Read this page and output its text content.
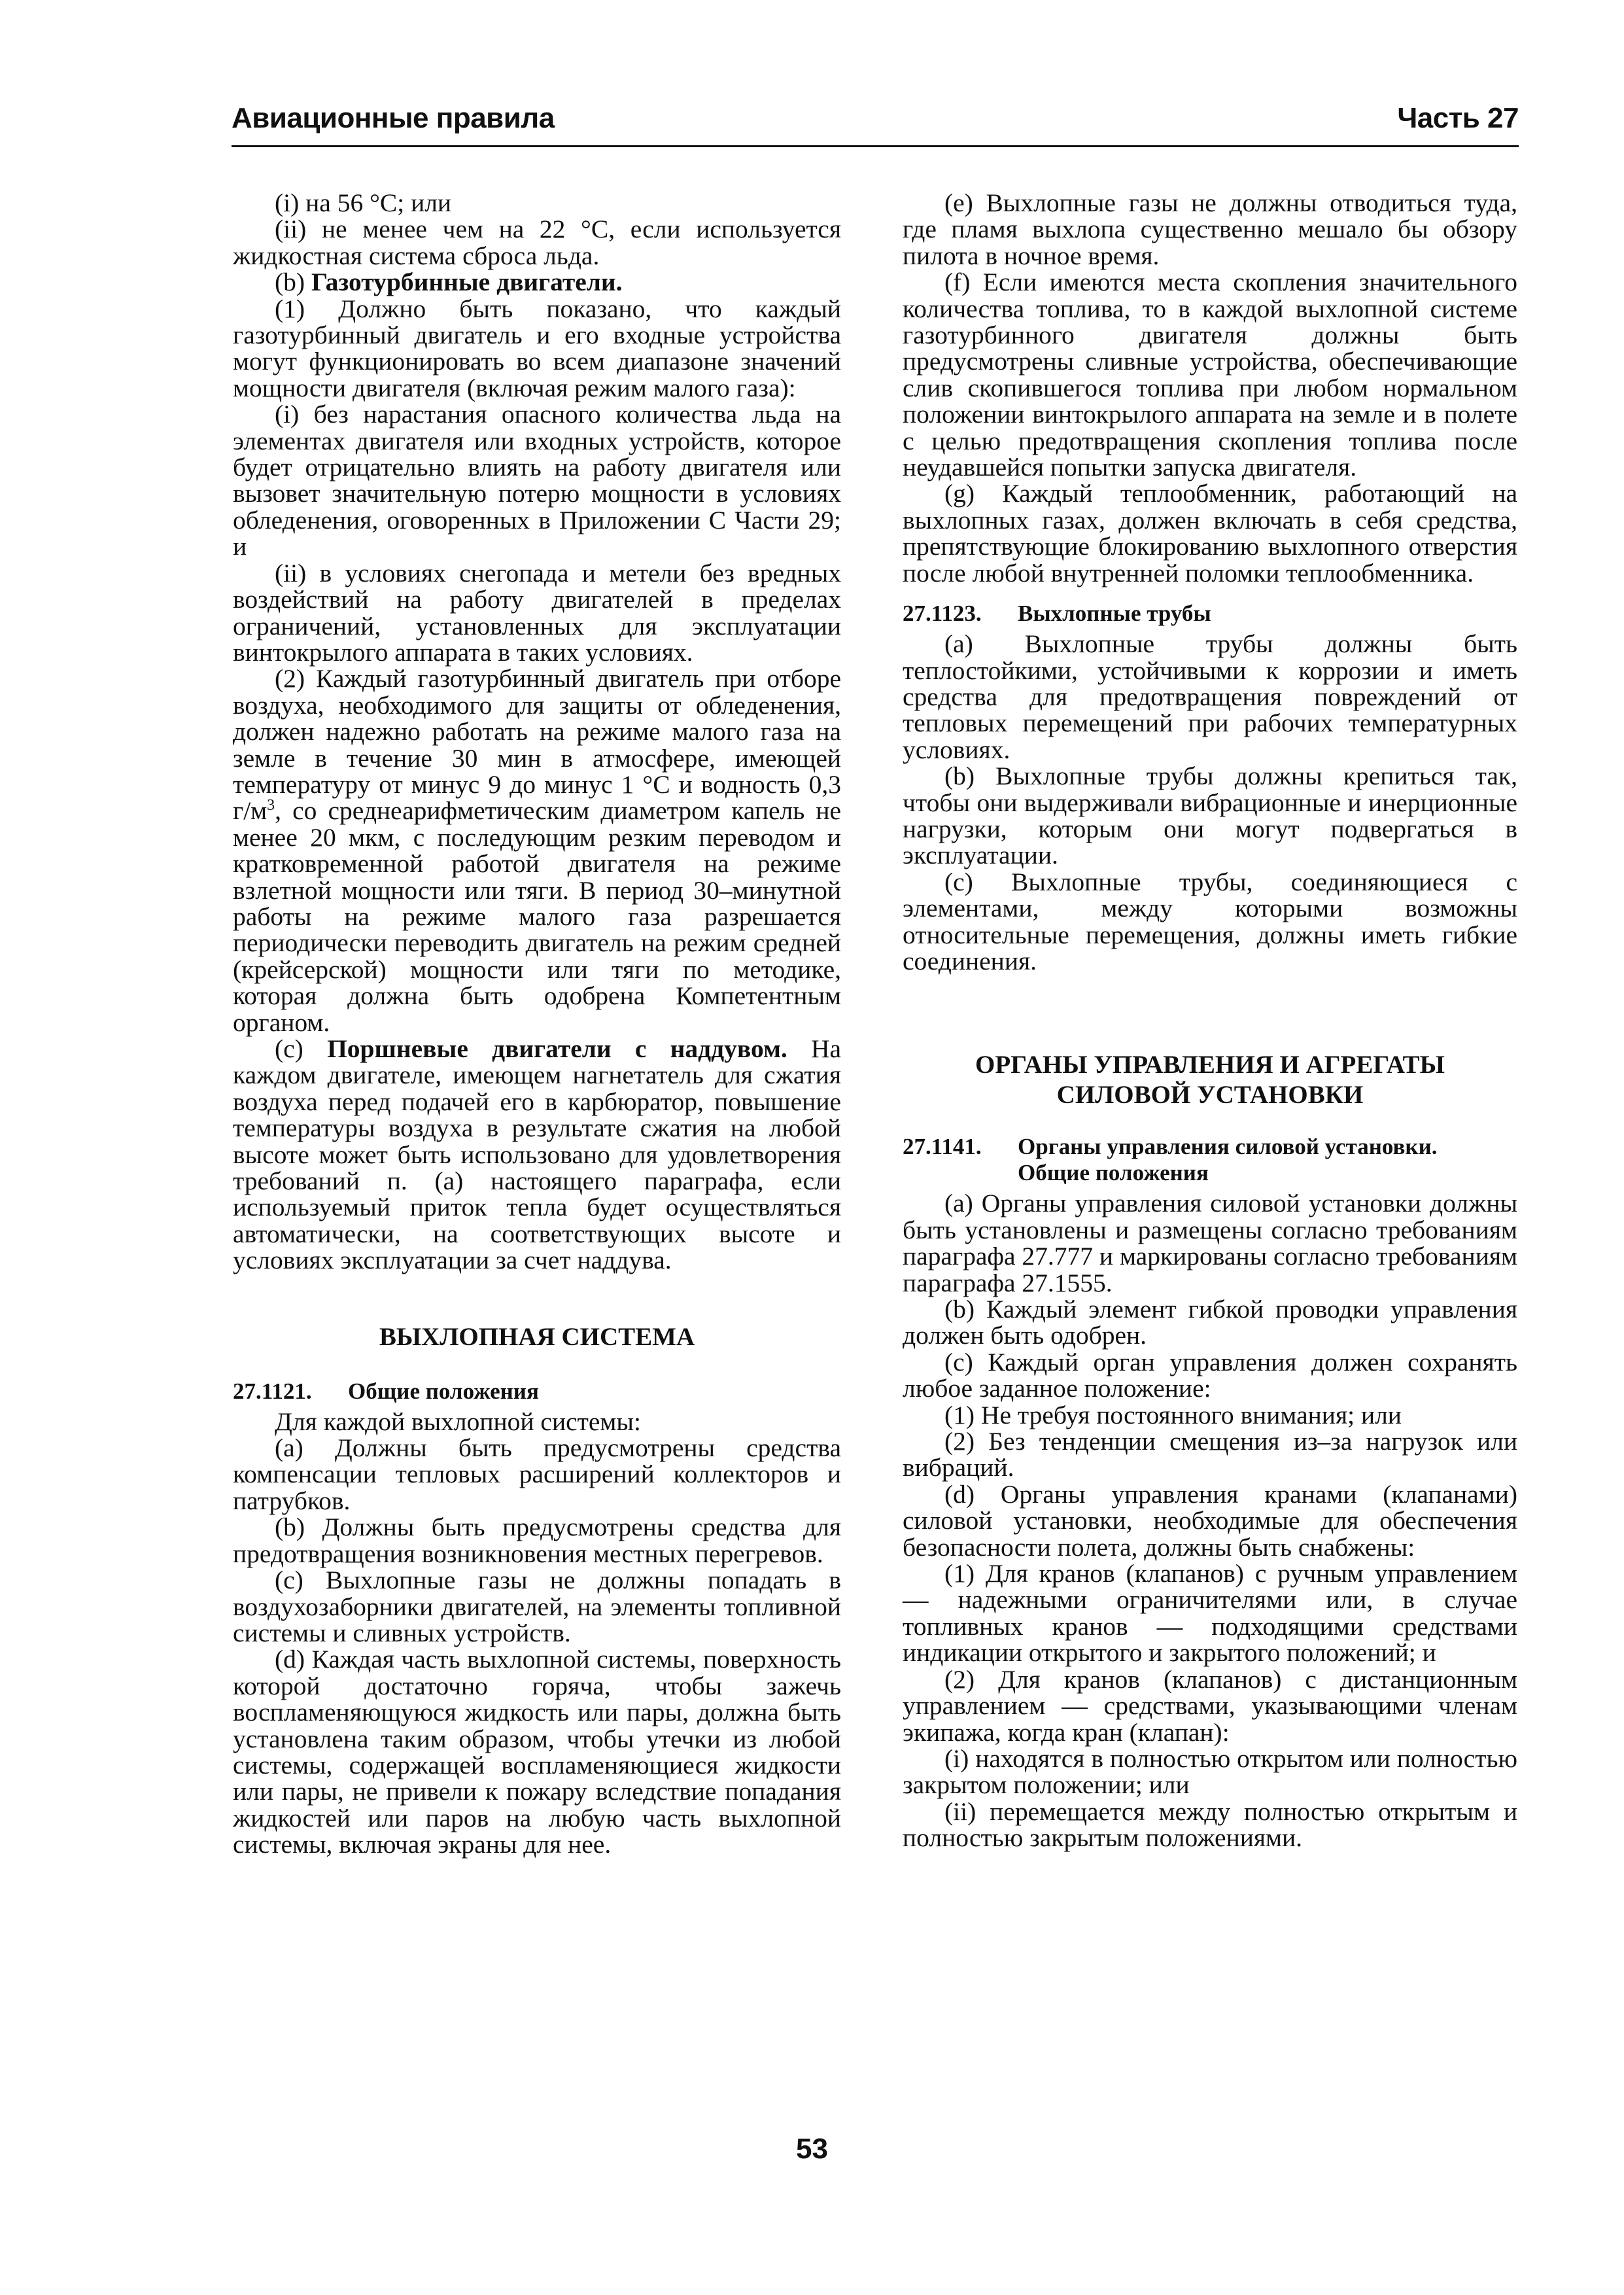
Авиационные правила	Часть 27

(i) на 56 °C; или

(ii) не менее чем на 22 °C, если используется жидкостная система сброса льда.

(b) Газотурбинные двигатели.

(1) Должно быть показано, что каждый газотурбинный двигатель и его входные устройства могут функционировать во всем диапазоне значений мощности двигателя (включая режим малого газа):

(i) без нарастания опасного количества льда на элементах двигателя или входных устройств, которое будет отрицательно влиять на работу двигателя или вызовет значительную потерю мощности в условиях обледенения, оговоренных в Приложении С Части 29; и

(ii) в условиях снегопада и метели без вредных воздействий на работу двигателей в пределах ограничений, установленных для эксплуатации винтокрылого аппарата в таких условиях.

(2) Каждый газотурбинный двигатель при отборе воздуха, необходимого для защиты от обледенения, должен надежно работать на режиме малого газа на земле в течение 30 мин в атмосфере, имеющей температуру от минус 9 до минус 1 °C и водность 0,3 $г/м^3$, со среднеарифметическим диаметром капель не менее 20 мкм, с последующим резким переводом и кратковременной работой двигателя на режиме взлетной мощности или тяги. В период 30–минутной работы на режиме малого газа разрешается периодически переводить двигатель на режим средней (крейсерской) мощности или тяги по методике, которая должна быть одобрена Компетентным органом.

(c) Поршневые двигатели с наддувом. На каждом двигателе, имеющем нагнетатель для сжатия воздуха перед подачей его в карбюратор, повышение температуры воздуха в результате сжатия на любой высоте может быть использовано для удовлетворения требований п. (a) настоящего параграфа, если используемый приток тепла будет осуществляться автоматически, на соответствующих высоте и условиях эксплуатации за счет наддува.

ВЫХЛОПНАЯ СИСТЕМА

27.1121. Общие положения

Для каждой выхлопной системы:

(a) Должны быть предусмотрены средства компенсации тепловых расширений коллекторов и патрубков.

(b) Должны быть предусмотрены средства для предотвращения возникновения местных перегревов.

(c) Выхлопные газы не должны попадать в воздухозаборники двигателей, на элементы топливной системы и сливных устройств.

(d) Каждая часть выхлопной системы, поверхность которой достаточно горяча, чтобы зажечь воспламеняющуюся жидкость или пары, должна быть установлена таким образом, чтобы утечки из любой системы, содержащей воспламеняющиеся жидкости или пары, не привели к пожару вследствие попадания жидкостей или паров на любую часть выхлопной системы, включая экраны для нее.

(e) Выхлопные газы не должны отводиться туда, где пламя выхлопа существенно мешало бы обзору пилота в ночное время.

(f) Если имеются места скопления значительного количества топлива, то в каждой выхлопной системе газотурбинного двигателя должны быть предусмотрены сливные устройства, обеспечивающие слив скопившегося топлива при любом нормальном положении винтокрылого аппарата на земле и в полете с целью предотвращения скопления топлива после неудавшейся попытки запуска двигателя.

(g) Каждый теплообменник, работающий на выхлопных газах, должен включать в себя средства, препятствующие блокированию выхлопного отверстия после любой внутренней поломки теплообменника.

27.1123. Выхлопные трубы

(a) Выхлопные трубы должны быть теплостойкими, устойчивыми к коррозии и иметь средства для предотвращения повреждений от тепловых перемещений при рабочих температурных условиях.

(b) Выхлопные трубы должны крепиться так, чтобы они выдерживали вибрационные и инерционные нагрузки, которым они могут подвергаться в эксплуатации.

(c) Выхлопные трубы, соединяющиеся с элементами, между которыми возможны относительные перемещения, должны иметь гибкие соединения.

ОРГАНЫ УПРАВЛЕНИЯ И АГРЕГАТЫ
СИЛОВОЙ УСТАНОВКИ

27.1141. Органы управления силовой установки.
Общие положения

(a) Органы управления силовой установки должны быть установлены и размещены согласно требованиям параграфа 27.777 и маркированы согласно требованиям параграфа 27.1555.

(b) Каждый элемент гибкой проводки управления должен быть одобрен.

(c) Каждый орган управления должен сохранять любое заданное положение:

(1) Не требуя постоянного внимания; или

(2) Без тенденции смещения из–за нагрузок или вибраций.

(d) Органы управления кранами (клапанами) силовой установки, необходимые для обеспечения безопасности полета, должны быть снабжены:

(1) Для кранов (клапанов) с ручным управлением — надежными ограничителями или, в случае топливных кранов — подходящими средствами индикации открытого и закрытого положений; и

(2) Для кранов (клапанов) с дистанционным управлением — средствами, указывающими членам экипажа, когда кран (клапан):

(i) находятся в полностью открытом или полностью закрытом положении; или

(ii) перемещается между полностью открытым и полностью закрытым положениями.

53
